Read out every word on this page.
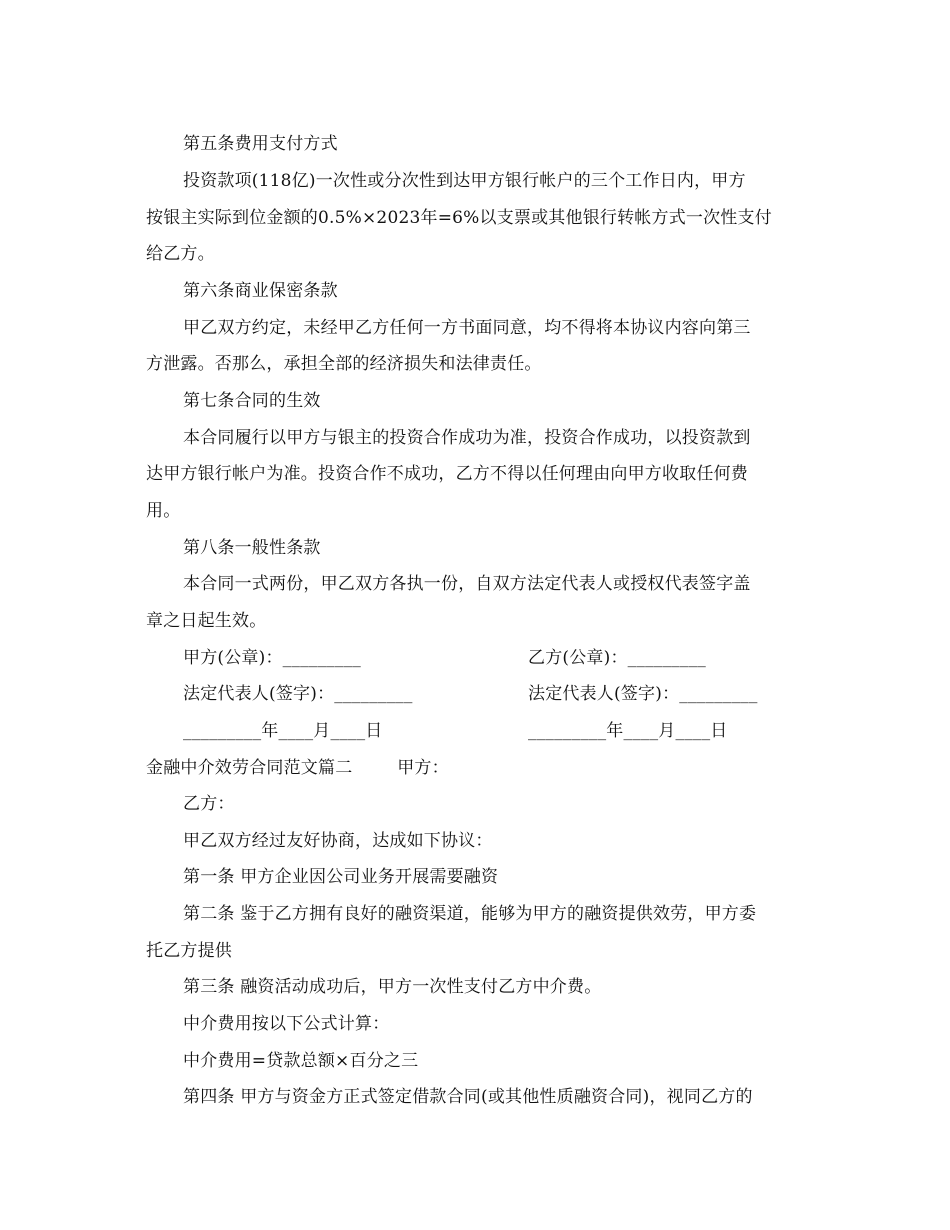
第五条费用支付方式
投资款项(118亿)一次性或分次性到达甲方银行帐户的三个工作日内，甲方
按银主实际到位金额的0.5%×2023年=6%以支票或其他银行转帐方式一次性支付
给乙方。
第六条商业保密条款
甲乙双方约定，未经甲乙方任何一方书面同意，均不得将本协议内容向第三
方泄露。否那么，承担全部的经济损失和法律责任。
第七条合同的生效
本合同履行以甲方与银主的投资合作成功为准，投资合作成功，以投资款到
达甲方银行帐户为准。投资合作不成功，乙方不得以任何理由向甲方收取任何费
用。
第八条一般性条款
本合同一式两份，甲乙双方各执一份，自双方法定代表人或授权代表签字盖
章之日起生效。
甲方(公章)：_________	乙方(公章)：_________
法定代表人(签字)：_________	法定代表人(签字)：_________
_________年____月____日	_________年____月____日
金融中介效劳合同范文篇二        甲方：
乙方：
甲乙双方经过友好协商，达成如下协议：
第一条 甲方企业因公司业务开展需要融资
第二条 鉴于乙方拥有良好的融资渠道，能够为甲方的融资提供效劳，甲方委
托乙方提供
第三条 融资活动成功后，甲方一次性支付乙方中介费。
中介费用按以下公式计算：
中介费用=贷款总额×百分之三
第四条 甲方与资金方正式签定借款合同(或其他性质融资合同)，视同乙方的
